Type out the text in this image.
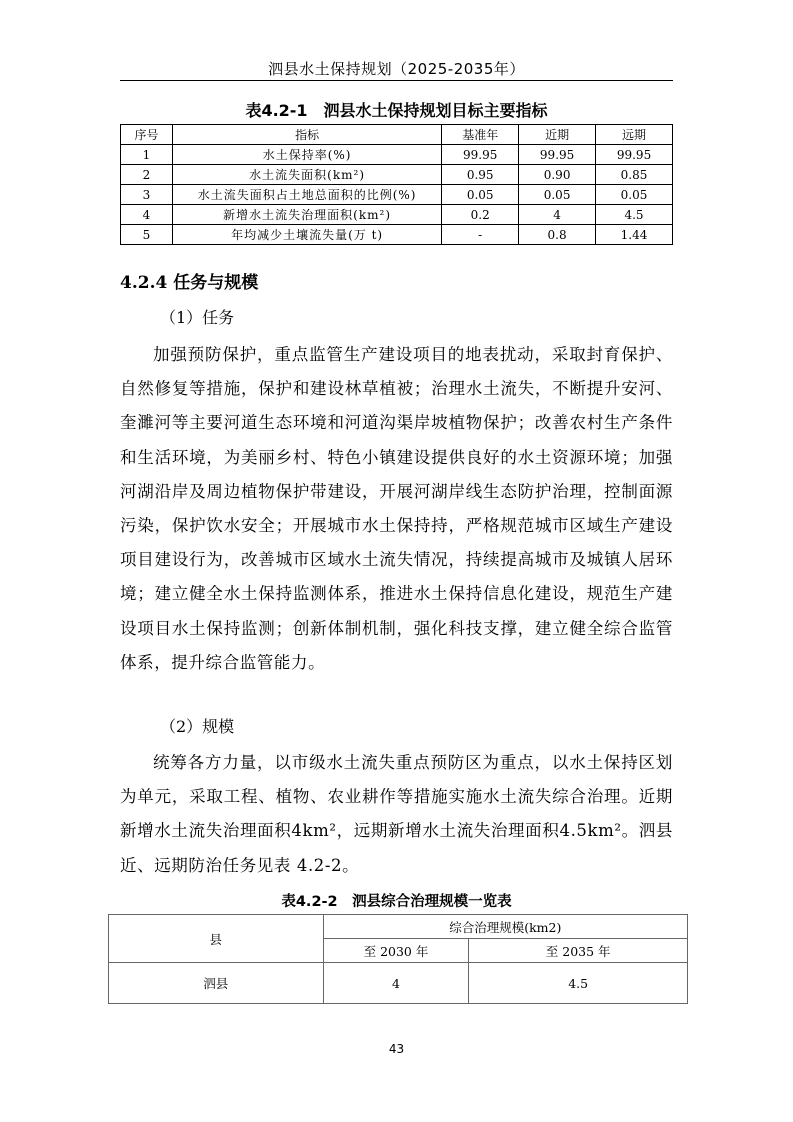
泗县水土保持规划（2025-2035年）
表4.2-1　泗县水土保持规划目标主要指标
序号	指标	基准年	近期	远期
1	水土保持率(%)	99.95	99.95	99.95
2	水土流失面积(km²)	0.95	0.90	0.85
3	水土流失面积占土地总面积的比例(%)	0.05	0.05	0.05
4	新增水土流失治理面积(km²)	0.2	4	4.5
5	年均减少土壤流失量(万 t)	-	0.8	1.44
4.2.4 任务与规模
（1）任务
加强预防保护，重点监管生产建设项目的地表扰动，采取封育保护、自然修复等措施，保护和建设林草植被；治理水土流失，不断提升安河、奎濉河等主要河道生态环境和河道沟渠岸坡植物保护；改善农村生产条件和生活环境，为美丽乡村、特色小镇建设提供良好的水土资源环境；加强河湖沿岸及周边植物保护带建设，开展河湖岸线生态防护治理，控制面源污染，保护饮水安全；开展城市水土保持持，严格规范城市区域生产建设项目建设行为，改善城市区域水土流失情况，持续提高城市及城镇人居环境；建立健全水土保持监测体系，推进水土保持信息化建设，规范生产建设项目水土保持监测；创新体制机制，强化科技支撑，建立健全综合监管体系，提升综合监管能力。
（2）规模
统筹各方力量，以市级水土流失重点预防区为重点，以水土保持区划为单元，采取工程、植物、农业耕作等措施实施水土流失综合治理。近期新增水土流失治理面积4km²，远期新增水土流失治理面积4.5km²。泗县近、远期防治任务见表 4.2-2。
表4.2-2　泗县综合治理规模一览表
县	综合治理规模(km2)	
	至 2030 年	至 2035 年
泗县	4	4.5
43
